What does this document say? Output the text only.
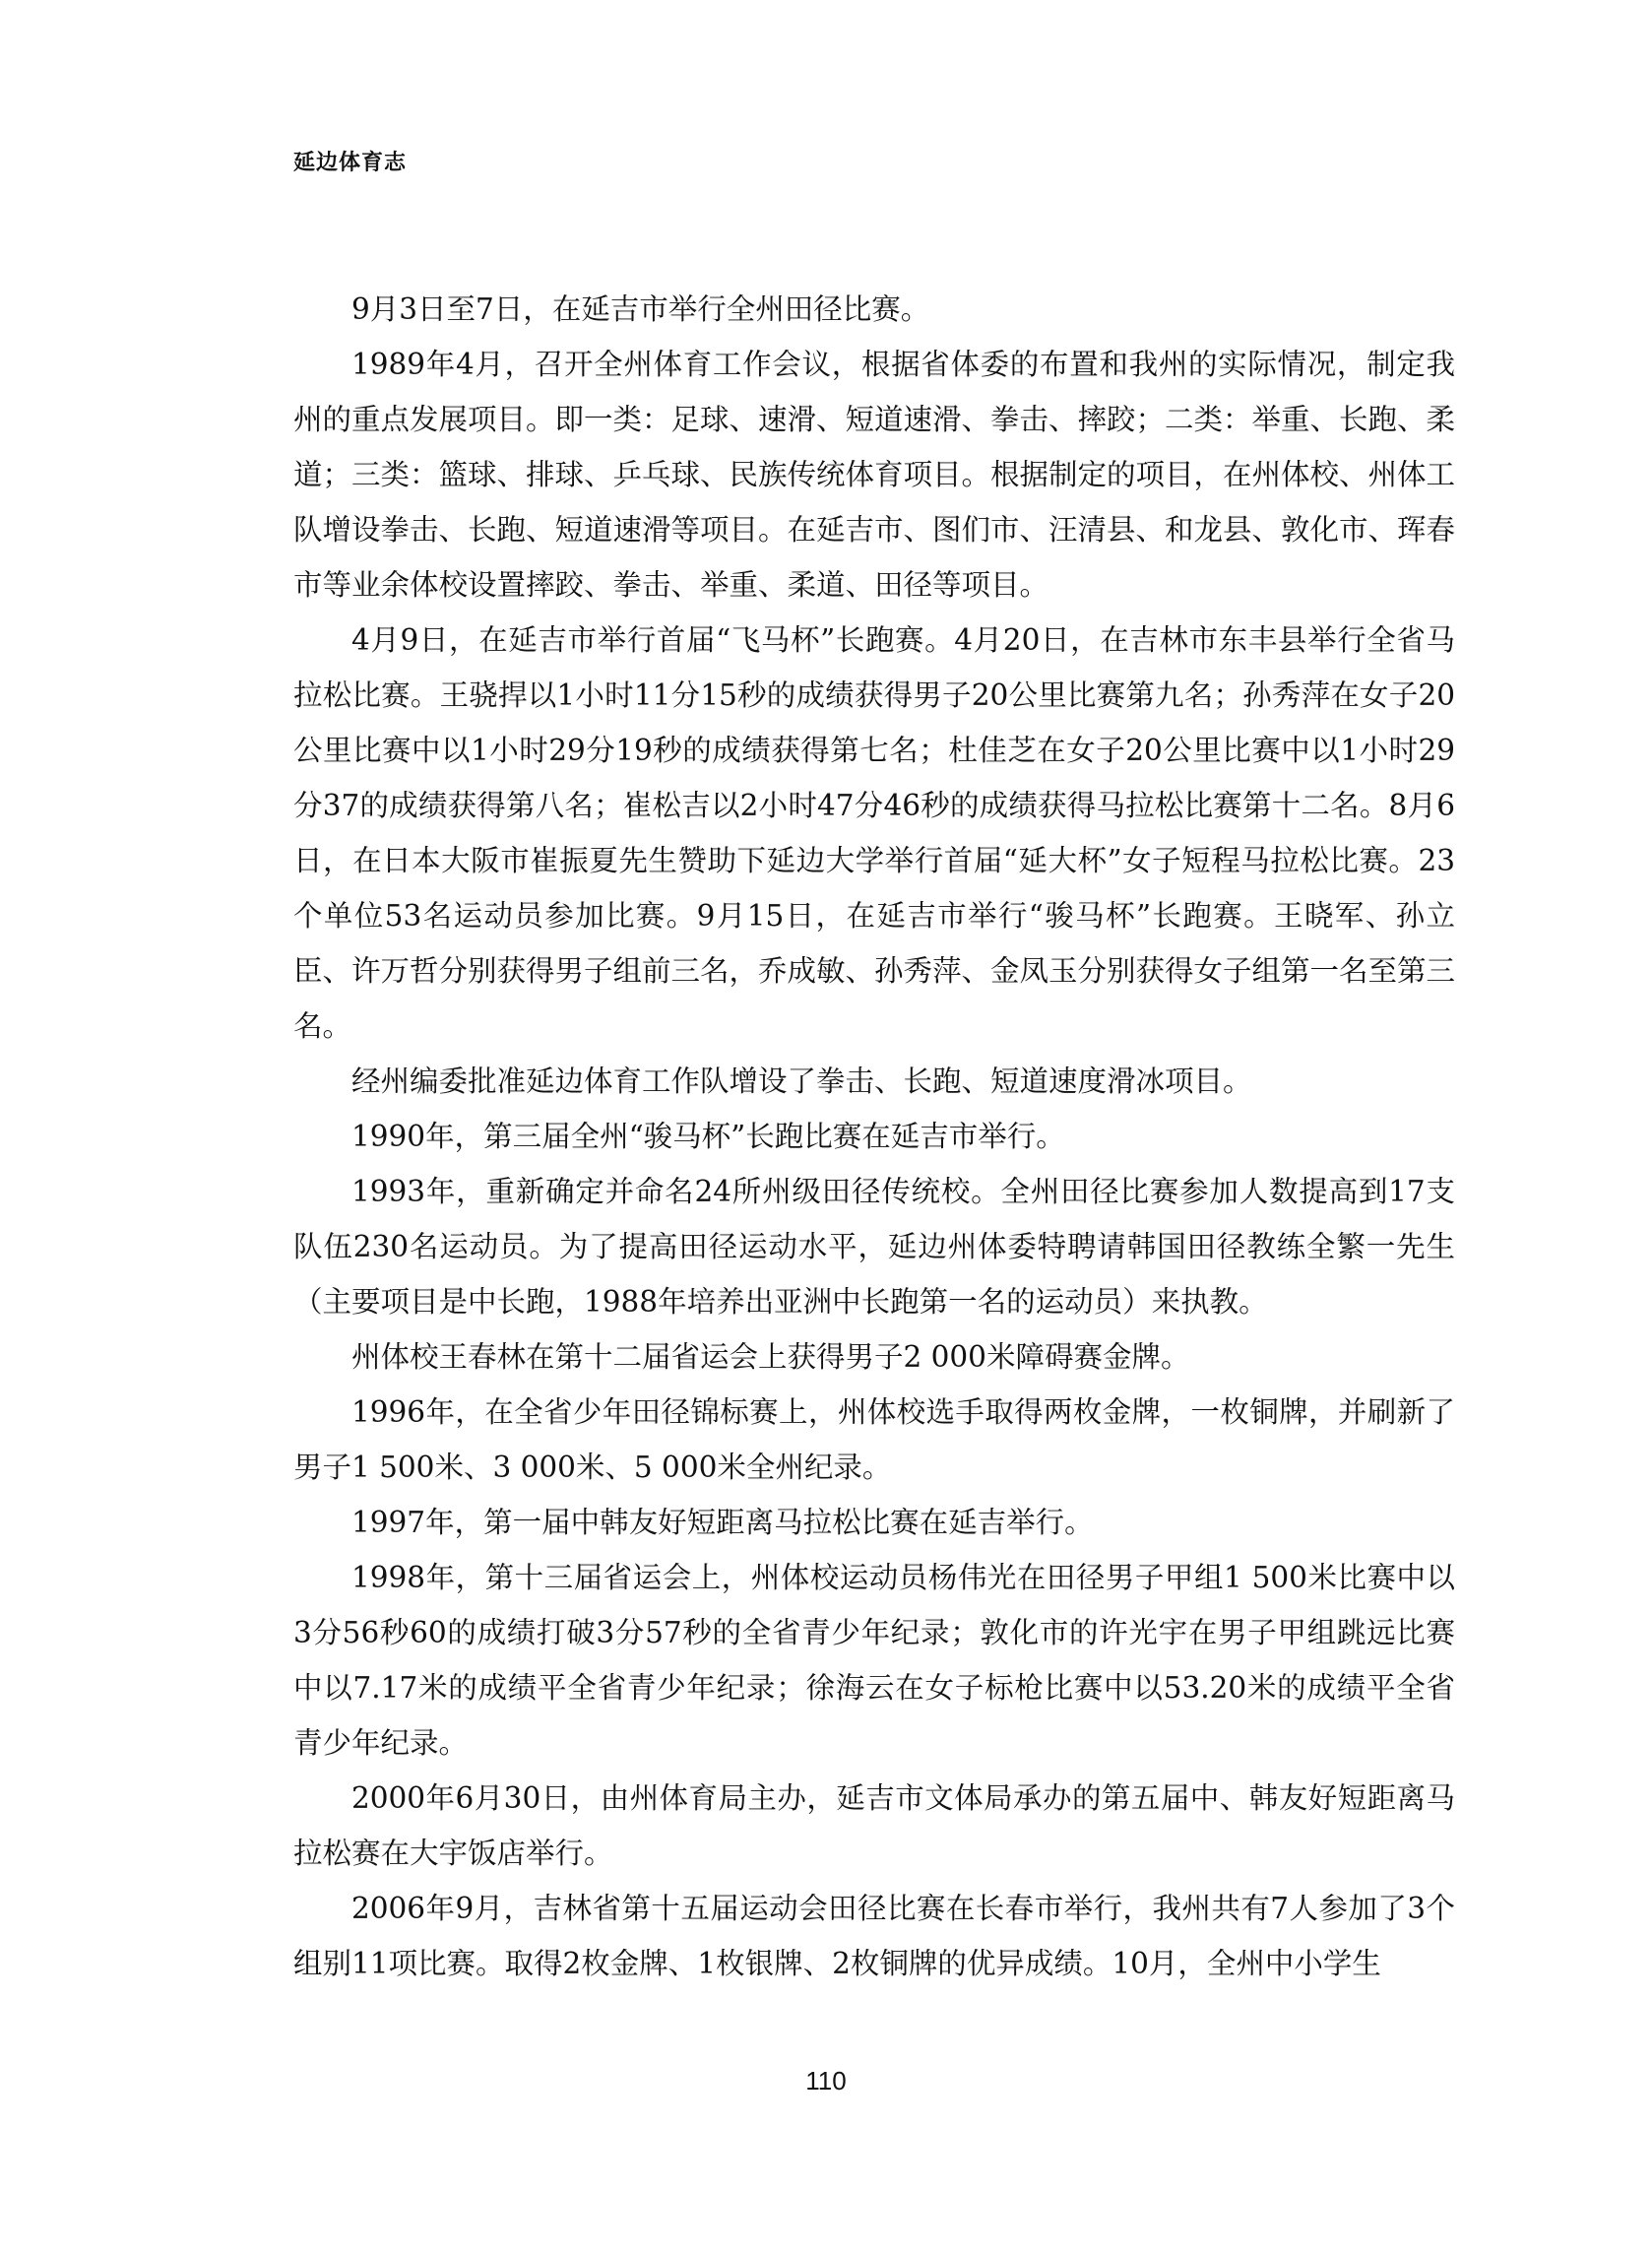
延边体育志

9月3日至7日，在延吉市举行全州田径比赛。

1989年4月，召开全州体育工作会议，根据省体委的布置和我州的实际情况，制定我州的重点发展项目。即一类：足球、速滑、短道速滑、拳击、摔跤；二类：举重、长跑、柔道；三类：篮球、排球、乒乓球、民族传统体育项目。根据制定的项目，在州体校、州体工队增设拳击、长跑、短道速滑等项目。在延吉市、图们市、汪清县、和龙县、敦化市、珲春市等业余体校设置摔跤、拳击、举重、柔道、田径等项目。

4月9日，在延吉市举行首届“飞马杯”长跑赛。4月20日，在吉林市东丰县举行全省马拉松比赛。王骁捍以1小时11分15秒的成绩获得男子20公里比赛第九名；孙秀萍在女子20公里比赛中以1小时29分19秒的成绩获得第七名；杜佳芝在女子20公里比赛中以1小时29分37的成绩获得第八名；崔松吉以2小时47分46秒的成绩获得马拉松比赛第十二名。8月6日，在日本大阪市崔振夏先生赞助下延边大学举行首届“延大杯”女子短程马拉松比赛。23个单位53名运动员参加比赛。9月15日，在延吉市举行“骏马杯”长跑赛。王晓军、孙立臣、许万哲分别获得男子组前三名，乔成敏、孙秀萍、金凤玉分别获得女子组第一名至第三名。

经州编委批准延边体育工作队增设了拳击、长跑、短道速度滑冰项目。

1990年，第三届全州“骏马杯”长跑比赛在延吉市举行。

1993年，重新确定并命名24所州级田径传统校。全州田径比赛参加人数提高到17支队伍230名运动员。为了提高田径运动水平，延边州体委特聘请韩国田径教练全繁一先生（主要项目是中长跑，1988年培养出亚洲中长跑第一名的运动员）来执教。

州体校王春林在第十二届省运会上获得男子2 000米障碍赛金牌。

1996年，在全省少年田径锦标赛上，州体校选手取得两枚金牌，一枚铜牌，并刷新了男子1 500米、3 000米、5 000米全州纪录。

1997年，第一届中韩友好短距离马拉松比赛在延吉举行。

1998年，第十三届省运会上，州体校运动员杨伟光在田径男子甲组1 500米比赛中以3分56秒60的成绩打破3分57秒的全省青少年纪录；敦化市的许光宇在男子甲组跳远比赛中以7.17米的成绩平全省青少年纪录；徐海云在女子标枪比赛中以53.20米的成绩平全省青少年纪录。

2000年6月30日，由州体育局主办，延吉市文体局承办的第五届中、韩友好短距离马拉松赛在大宇饭店举行。

2006年9月，吉林省第十五届运动会田径比赛在长春市举行，我州共有7人参加了3个组别11项比赛。取得2枚金牌、1枚银牌、2枚铜牌的优异成绩。10月，全州中小学生

110
